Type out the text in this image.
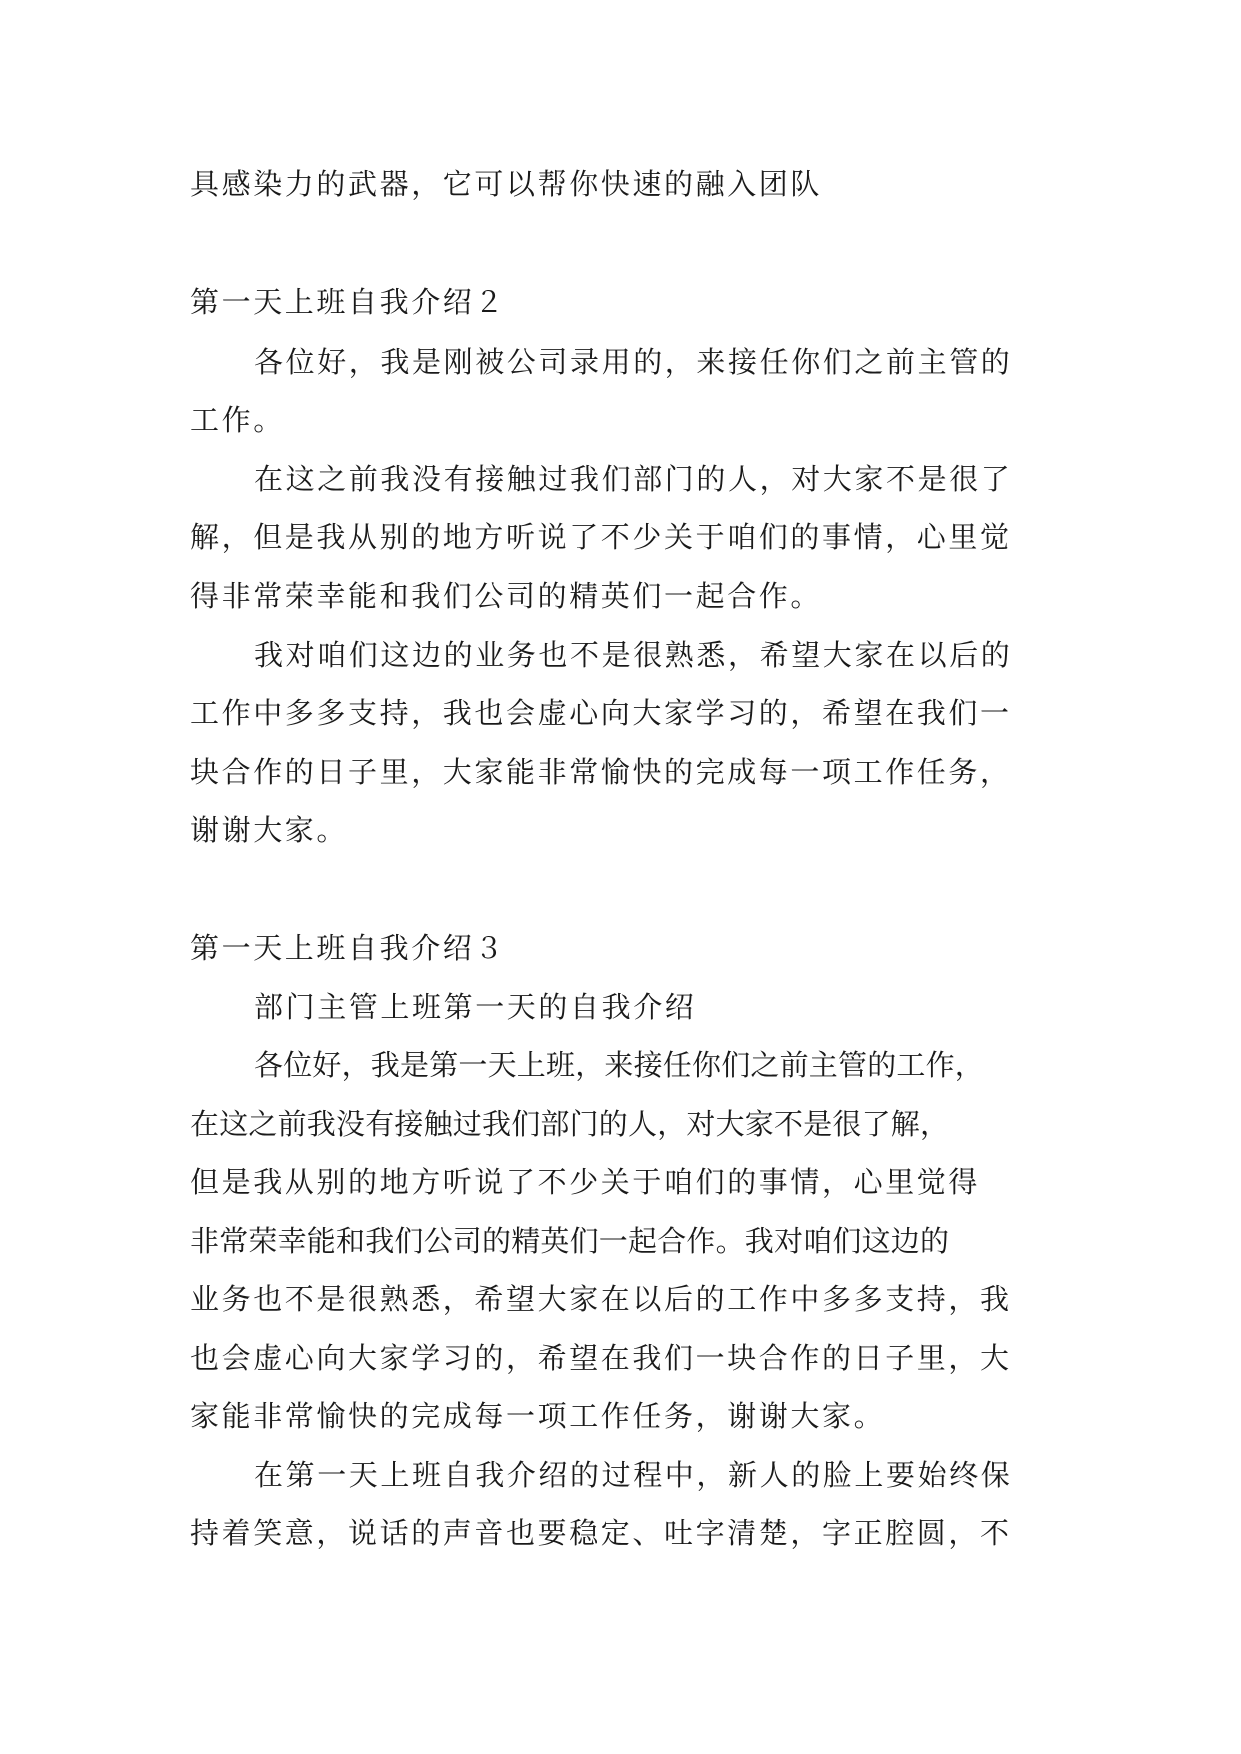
具感染力的武器，它可以帮你快速的融入团队
第一天上班自我介绍２
各位好，我是刚被公司录用的，来接任你们之前主管的
工作。
在这之前我没有接触过我们部门的人，对大家不是很了
解，但是我从别的地方听说了不少关于咱们的事情，心里觉
得非常荣幸能和我们公司的精英们一起合作。
我对咱们这边的业务也不是很熟悉，希望大家在以后的
工作中多多支持，我也会虚心向大家学习的，希望在我们一
块合作的日子里，大家能非常愉快的完成每一项工作任务，
谢谢大家。
第一天上班自我介绍３
部门主管上班第一天的自我介绍
各位好，我是第一天上班，来接任你们之前主管的工作，
在这之前我没有接触过我们部门的人，对大家不是很了解，
但是我从别的地方听说了不少关于咱们的事情，心里觉得
非常荣幸能和我们公司的精英们一起合作。我对咱们这边的
业务也不是很熟悉，希望大家在以后的工作中多多支持，我
也会虚心向大家学习的，希望在我们一块合作的日子里，大
家能非常愉快的完成每一项工作任务，谢谢大家。
在第一天上班自我介绍的过程中，新人的脸上要始终保
持着笑意，说话的声音也要稳定、吐字清楚，字正腔圆，不
